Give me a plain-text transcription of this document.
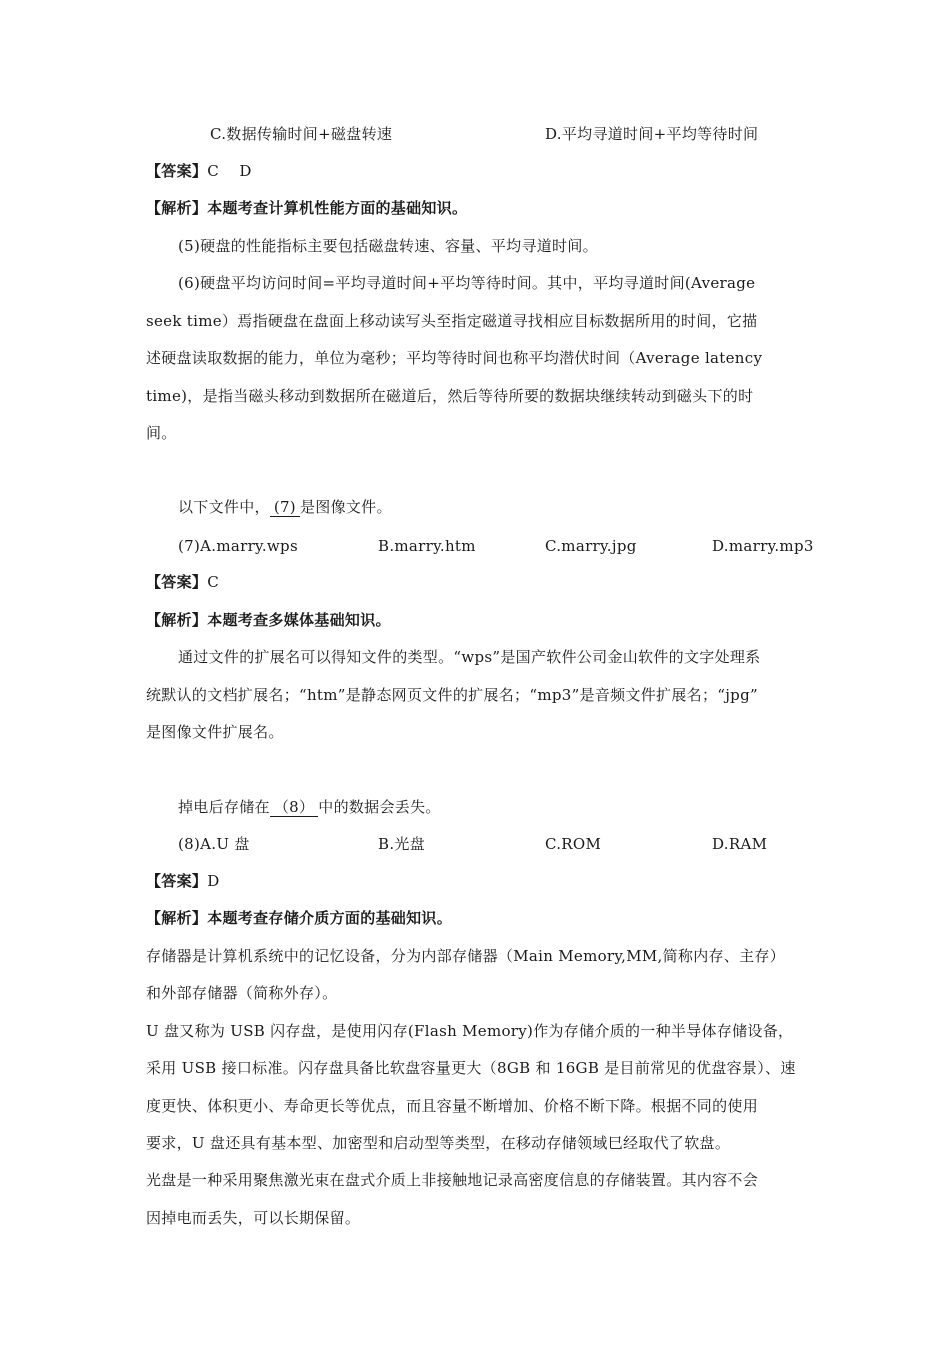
C.数据传输时间+磁盘转速	D.平均寻道时间+平均等待时间
【答案】C　 D
【解析】本题考查计算机性能方面的基础知识。
(5)硬盘的性能指标主要包括磁盘转速、容量、平均寻道时间。
(6)硬盘平均访问时间=平均寻道时间+平均等待时间。其中，平均寻道时间(Average
seek time）焉指硬盘在盘面上移动读写头至指定磁道寻找相应目标数据所用的时间，它描
述硬盘读取数据的能力，单位为毫秒；平均等待时间也称平均潜伏时间（Average latency
time)，是指当磁头移动到数据所在磁道后，然后等待所要的数据块继续转动到磁头下的时
间。
以下文件中， (7) 是图像文件。
(7)A.marry.wps	B.marry.htm	C.marry.jpg	D.marry.mp3
【答案】C
【解析】本题考查多媒体基础知识。
通过文件的扩展名可以得知文件的类型。“wps”是国产软件公司金山软件的文字处理系
统默认的文档扩展名；“htm”是静态网页文件的扩展名；“mp3”是音频文件扩展名；“jpg”
是图像文件扩展名。
掉电后存储在 （8） 中的数据会丢失。
(8)A.U 盘	B.光盘	C.ROM	D.RAM
【答案】D
【解析】本题考查存储介质方面的基础知识。
存储器是计算机系统中的记忆设备，分为内部存储器（Main Memory,MM,简称内存、主存）
和外部存储器（简称外存）。
U 盘又称为 USB 闪存盘，是使用闪存(Flash Memory)作为存储介质的一种半导体存储设备，
采用 USB 接口标准。闪存盘具备比软盘容量更大（8GB 和 16GB 是目前常见的优盘容景）、速
度更快、体积更小、寿命更长等优点，而且容量不断增加、价格不断下降。根据不同的使用
要求，U 盘还具有基本型、加密型和启动型等类型，在移动存储领域巳经取代了软盘。
光盘是一种采用聚焦激光束在盘式介质上非接触地记录高密度信息的存储装置。其内容不会
因掉电而丢失，可以长期保留。
